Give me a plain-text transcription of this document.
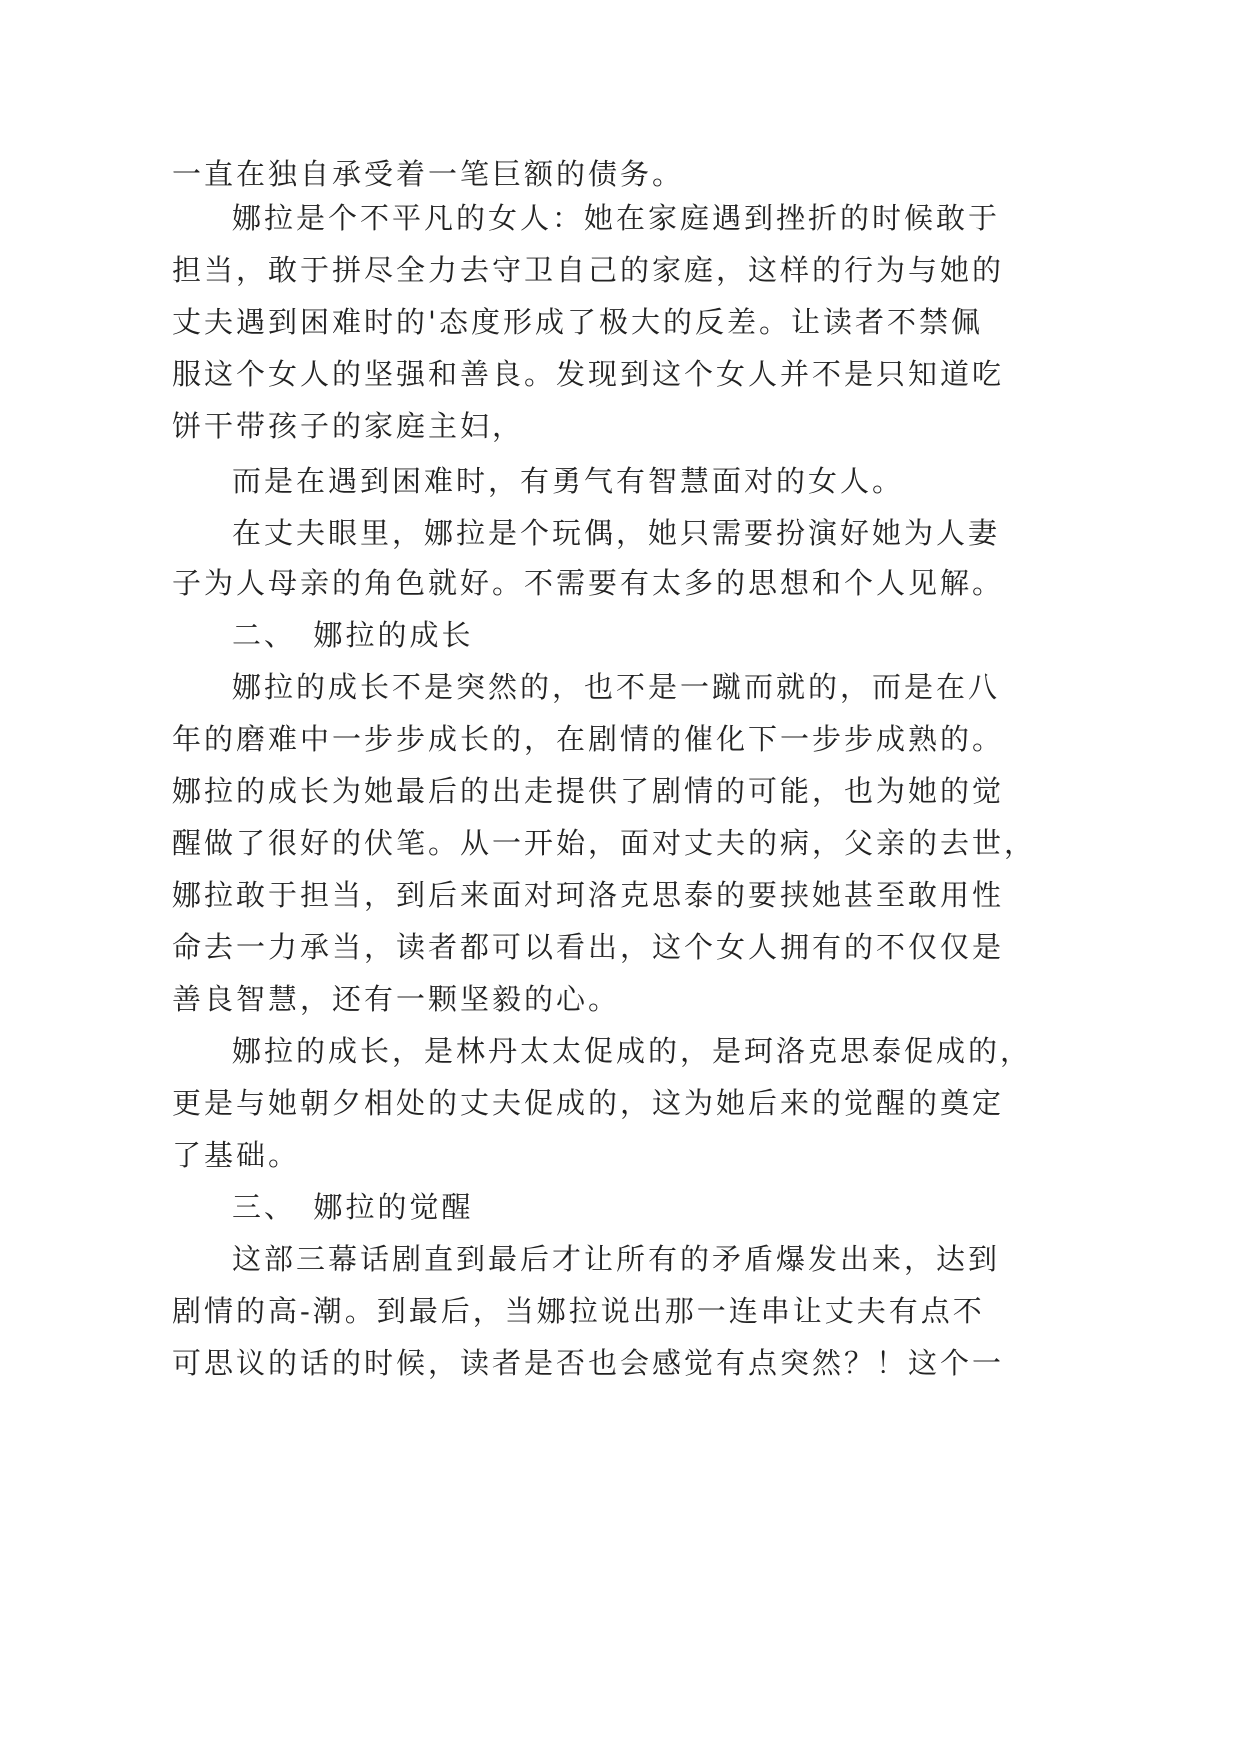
一直在独自承受着一笔巨额的债务。
娜拉是个不平凡的女人：她在家庭遇到挫折的时候敢于
担当，敢于拼尽全力去守卫自己的家庭，这样的行为与她的
丈夫遇到困难时的'态度形成了极大的反差。让读者不禁佩
服这个女人的坚强和善良。发现到这个女人并不是只知道吃
饼干带孩子的家庭主妇，
而是在遇到困难时，有勇气有智慧面对的女人。
在丈夫眼里，娜拉是个玩偶，她只需要扮演好她为人妻
子为人母亲的角色就好。不需要有太多的思想和个人见解。
二、　娜拉的成长
娜拉的成长不是突然的，也不是一蹴而就的，而是在八
年的磨难中一步步成长的，在剧情的催化下一步步成熟的。
娜拉的成长为她最后的出走提供了剧情的可能，也为她的觉
醒做了很好的伏笔。从一开始，面对丈夫的病，父亲的去世，
娜拉敢于担当，到后来面对珂洛克思泰的要挟她甚至敢用性
命去一力承当，读者都可以看出，这个女人拥有的不仅仅是
善良智慧，还有一颗坚毅的心。
娜拉的成长，是林丹太太促成的，是珂洛克思泰促成的，
更是与她朝夕相处的丈夫促成的，这为她后来的觉醒的奠定
了基础。
三、　娜拉的觉醒
这部三幕话剧直到最后才让所有的矛盾爆发出来，达到
剧情的高-潮。到最后，当娜拉说出那一连串让丈夫有点不
可思议的话的时候，读者是否也会感觉有点突然？！这个一
